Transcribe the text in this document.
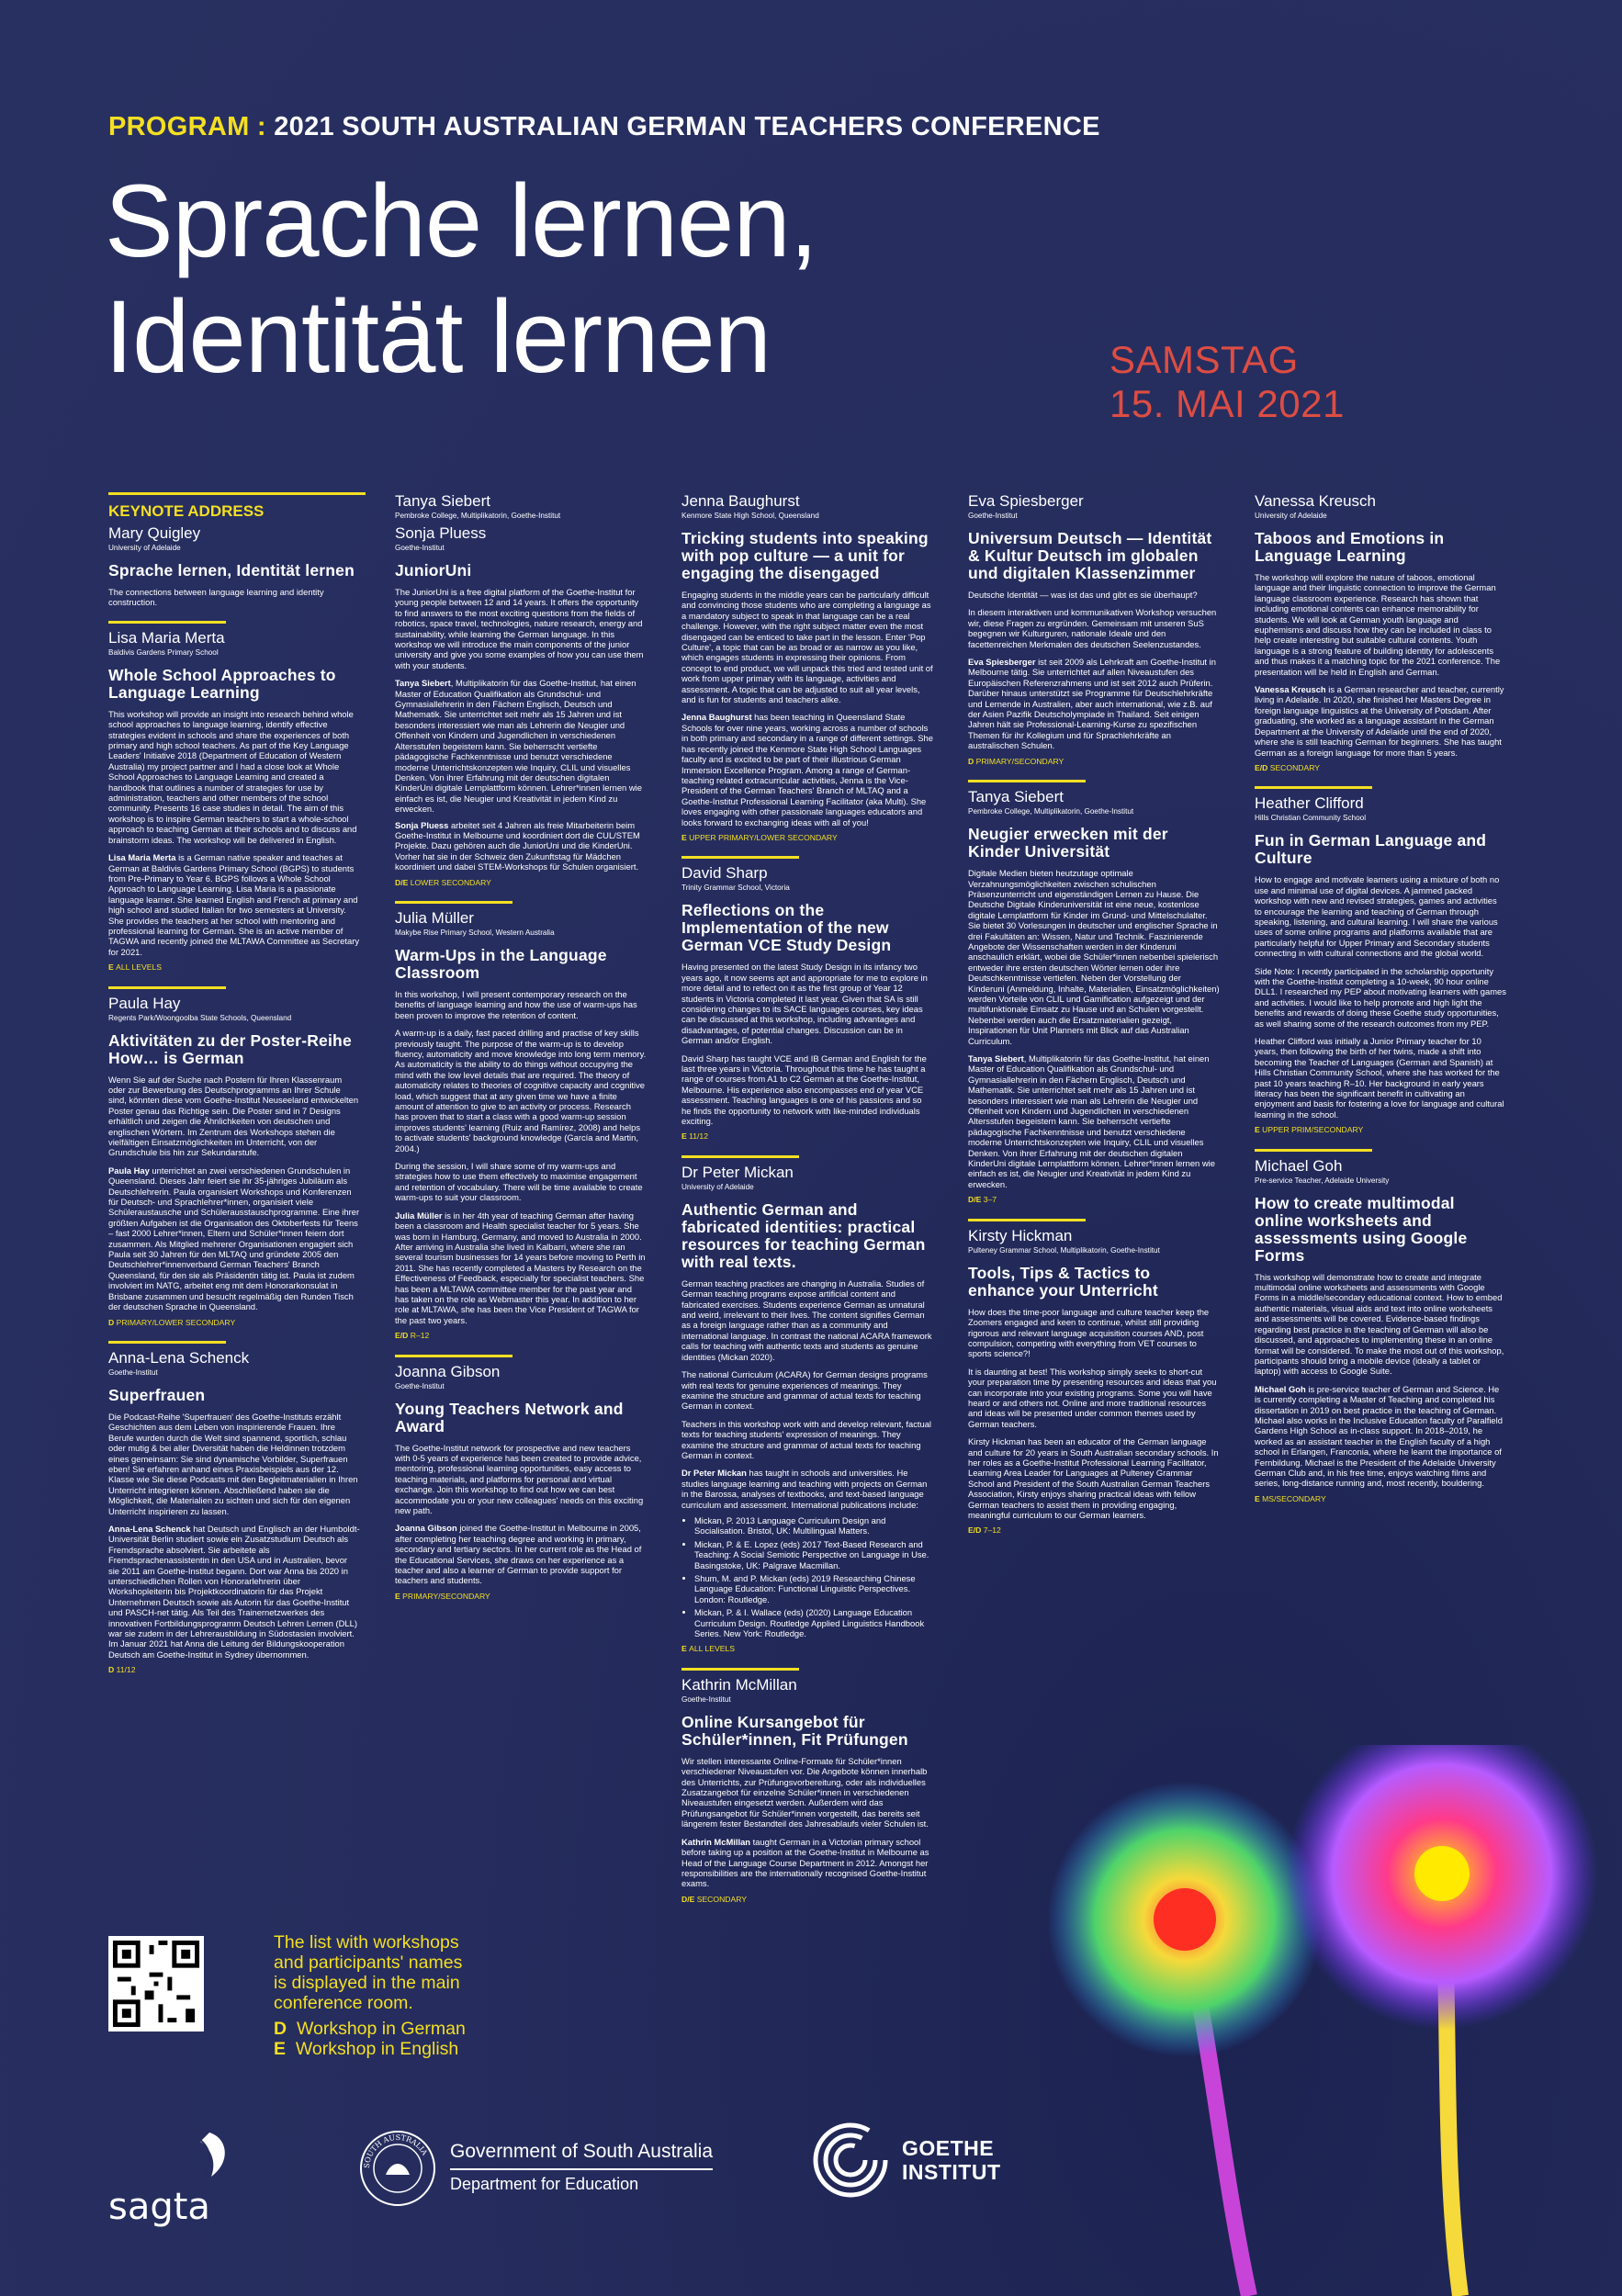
PROGRAM : 2021 SOUTH AUSTRALIAN GERMAN TEACHERS CONFERENCE
Sprache lernen,
Identität lernen	SAMSTAG
15. MAI 2021
KEYNOTE ADDRESS
Mary Quigley
University of Adelaide
Sprache lernen, Identität lernen
The connections between language learning and identity construction.
Lisa Maria Merta
Baldivis Gardens Primary School
Whole School Approaches to Language Learning
This workshop will provide an insight into research behind whole school approaches to language learning, identify effective strategies evident in schools and share the experiences of both primary and high school teachers. As part of the Key Language Leaders' Initiative 2018 (Department of Education of Western Australia) my project partner and I had a close look at Whole School Approaches to Language Learning and created a handbook that outlines a number of strategies for use by administration, teachers and other members of the school community. Presents 16 case studies in detail. The aim of this workshop is to inspire German teachers to start a whole-school approach to teaching German at their schools and to discuss and brainstorm ideas. The workshop will be delivered in English.
Lisa Maria Merta is a German native speaker and teaches at German at Baldivis Gardens Primary School (BGPS) to students from Pre-Primary to Year 6. BGPS follows a Whole School Approach to Language Learning. Lisa Maria is a passionate language learner. She learned English and French at primary and high school and studied Italian for two semesters at University. She provides the teachers at her school with mentoring and professional learning for German. She is an active member of TAGWA and recently joined the MLTAWA Committee as Secretary for 2021.
E ALL LEVELS
Paula Hay
Regents Park/Woongoolba State Schools, Queensland
Aktivitäten zu der Poster-Reihe How… is German
Wenn Sie auf der Suche nach Postern für Ihren Klassenraum oder zur Bewerbung des Deutschprogramms an Ihrer Schule sind, könnten diese vom Goethe-Institut Neuseeland entwickelten Poster genau das Richtige sein. Die Poster sind in 7 Designs erhältlich und zeigen die Ähnlichkeiten von deutschen und englischen Wörtern. Im Zentrum des Workshops stehen die vielfältigen Einsatzmöglichkeiten im Unterricht, von der Grundschule bis hin zur Sekundarstufe.
Paula Hay unterrichtet an zwei verschiedenen Grundschulen in Queensland. Dieses Jahr feiert sie ihr 35-jähriges Jubiläum als Deutschlehrerin. Paula organisiert Workshops und Konferenzen für Deutsch- und Sprachlehrer*innen, organisiert viele Schüleraustausche und Schülerausstauschprogramme. Eine ihrer größten Aufgaben ist die Organisation des Oktoberfests für Teens – fast 2000 Lehrer*innen, Eltern und Schüler*innen feiern dort zusammen. Als Mitglied mehrerer Organisationen engagiert sich Paula seit 30 Jahren für den MLTAQ und gründete 2005 den Deutschlehrer*innenverband German Teachers' Branch Queensland, für den sie als Präsidentin tätig ist. Paula ist zudem involviert im NATG, arbeitet eng mit dem Honorarkonsulat in Brisbane zusammen und besucht regelmäßig den Runden Tisch der deutschen Sprache in Queensland.
D PRIMARY/LOWER SECONDARY
Anna-Lena Schenck
Goethe-Institut
Superfrauen
Die Podcast-Reihe 'Superfrauen' des Goethe-Instituts erzählt Geschichten aus dem Leben von inspirierende Frauen. Ihre Berufe wurden durch die Welt sind spannend, sportlich, schlau oder mutig & bei aller Diversität haben die Heldinnen trotzdem eines gemeinsam: Sie sind dynamische Vorbilder, Superfrauen eben! Sie erfahren anhand eines Praxisbeispiels aus der 12. Klasse wie Sie diese Podcasts mit den Begleitmaterialien in Ihren Unterricht integrieren können. Abschließend haben sie die Möglichkeit, die Materialien zu sichten und sich für den eigenen Unterricht inspirieren zu lassen.
Anna-Lena Schenck hat Deutsch und Englisch an der Humboldt-Universität Berlin studiert sowie ein Zusatzstudium Deutsch als Fremdsprache absolviert. Sie arbeitete als Fremdsprachenassistentin in den USA und in Australien, bevor sie 2011 am Goethe-Institut begann. Dort war Anna bis 2020 in unterschiedlichen Rollen von Honorarlehrerin über Workshopleiterin bis Projektkoordinatorin für das Projekt Unternehmen Deutsch sowie als Autorin für das Goethe-Institut und PASCH-net tätig. Als Teil des Trainernetzwerkes des innovativen Fortbildungsprogramm Deutsch Lehren Lernen (DLL) war sie zudem in der Lehrerausbildung in Südostasien involviert. Im Januar 2021 hat Anna die Leitung der Bildungskooperation Deutsch am Goethe-Institut in Sydney übernommen.
D 11/12
Tanya Siebert
Pembroke College, Multiplikatorin, Goethe-Institut
Sonja Pluess
Goethe-Institut
JuniorUni
The JuniorUni is a free digital platform of the Goethe-Institut for young people between 12 and 14 years. It offers the opportunity to find answers to the most exciting questions from the fields of robotics, space travel, technologies, nature research, energy and sustainability, while learning the German language. In this workshop we will introduce the main components of the junior university and give you some examples of how you can use them with your students.
Tanya Siebert, Multiplikatorin für das Goethe-Institut, hat einen Master of Education Qualifikation als Grundschul- und Gymnasiallehrerin in den Fächern Englisch, Deutsch und Mathematik. Sie unterrichtet seit mehr als 15 Jahren und ist besonders interessiert wie man als Lehrerin die Neugier und Offenheit von Kindern und Jugendlichen in verschiedenen Altersstufen begeistern kann. Sie beherrscht vertiefte pädagogische Fachkenntnisse und benutzt verschiedene moderne Unterrichtskonzepten wie Inquiry, CLIL und visuelles Denken. Von ihrer Erfahrung mit der deutschen digitalen KinderUni digitale Lernplattform können. Lehrer*innen lernen wie einfach es ist, die Neugier und Kreativität in jedem Kind zu erwecken.
Sonja Pluess arbeitet seit 4 Jahren als freie Mitarbeiterin beim Goethe-Institut in Melbourne und koordiniert dort die CUL/STEM Projekte. Dazu gehören auch die JuniorUni und die KinderUni. Vorher hat sie in der Schweiz den Zukunftstag für Mädchen koordiniert und dabei STEM-Workshops für Schulen organisiert.
D/E LOWER SECONDARY
Julia Müller
Makybe Rise Primary School, Western Australia
Warm-Ups in the Language Classroom
In this workshop, I will present contemporary research on the benefits of language learning and how the use of warm-ups has been proven to improve the retention of content.
A warm-up is a daily, fast paced drilling and practise of key skills previously taught. The purpose of the warm-up is to develop fluency, automaticity and move knowledge into long term memory. As automaticity is the ability to do things without occupying the mind with the low level details that are required. The theory of automaticity relates to theories of cognitive capacity and cognitive load, which suggest that at any given time we have a finite amount of attention to give to an activity or process. Research has proven that to start a class with a good warm-up session improves students' learning (Ruiz and Ramírez, 2008) and helps to activate students' background knowledge (García and Martin, 2004.)
During the session, I will share some of my warm-ups and strategies how to use them effectively to maximise engagement and retention of vocabulary. There will be time available to create warm-ups to suit your classroom.
Julia Müller is in her 4th year of teaching German after having been a classroom and Health specialist teacher for 5 years. She was born in Hamburg, Germany, and moved to Australia in 2000. After arriving in Australia she lived in Kalbarri, where she ran several tourism businesses for 14 years before moving to Perth in 2011. She has recently completed a Masters by Research on the Effectiveness of Feedback, especially for specialist teachers. She has been a MLTAWA committee member for the past year and has taken on the role as Webmaster this year. In addition to her role at MLTAWA, she has been the Vice President of TAGWA for the past two years.
E/D R–12
Joanna Gibson
Goethe-Institut
Young Teachers Network and Award
The Goethe-Institut network for prospective and new teachers with 0-5 years of experience has been created to provide advice, mentoring, professional learning opportunities, easy access to teaching materials, and platforms for personal and virtual exchange. Join this workshop to find out how we can best accommodate you or your new colleagues' needs on this exciting new path.
Joanna Gibson joined the Goethe-Institut in Melbourne in 2005, after completing her teaching degree and working in primary, secondary and tertiary sectors. In her current role as the Head of the Educational Services, she draws on her experience as a teacher and also a learner of German to provide support for teachers and students.
E PRIMARY/SECONDARY
Jenna Baughurst
Kenmore State High School, Queensland
Tricking students into speaking with pop culture — a unit for engaging the disengaged
Engaging students in the middle years can be particularly difficult and convincing those students who are completing a language as a mandatory subject to speak in that language can be a real challenge. However, with the right subject matter even the most disengaged can be enticed to take part in the lesson. Enter 'Pop Culture', a topic that can be as broad or as narrow as you like, which engages students in expressing their opinions. From concept to end product, we will unpack this tried and tested unit of work from upper primary with its language, activities and assessment. A topic that can be adjusted to suit all year levels, and is fun for students and teachers alike.
Jenna Baughurst has been teaching in Queensland State Schools for over nine years, working across a number of schools in both primary and secondary in a range of different settings. She has recently joined the Kenmore State High School Languages faculty and is excited to be part of their illustrious German Immersion Excellence Program. Among a range of German-teaching related extracurricular activities, Jenna is the Vice-President of the German Teachers' Branch of MLTAQ and a Goethe-Institut Professional Learning Facilitator (aka Multi). She loves engaging with other passionate languages educators and looks forward to exchanging ideas with all of you!
E UPPER PRIMARY/LOWER SECONDARY
David Sharp
Trinity Grammar School, Victoria
Reflections on the Implementation of the new German VCE Study Design
Having presented on the latest Study Design in its infancy two years ago, it now seems apt and appropriate for me to explore in more detail and to reflect on it as the first group of Year 12 students in Victoria completed it last year. Given that SA is still considering changes to its SACE languages courses, key ideas can be discussed at this workshop, including advantages and disadvantages, of potential changes. Discussion can be in German and/or English.
David Sharp has taught VCE and IB German and English for the last three years in Victoria. Throughout this time he has taught a range of courses from A1 to C2 German at the Goethe-Institut, Melbourne. His experience also encompasses end of year VCE assessment. Teaching languages is one of his passions and so he finds the opportunity to network with like-minded individuals exciting.
E 11/12
Dr Peter Mickan
University of Adelaide
Authentic German and fabricated identities: practical resources for teaching German with real texts.
German teaching practices are changing in Australia. Studies of German teaching programs expose artificial content and fabricated exercises. Students experience German as unnatural and weird, irrelevant to their lives. The content signifies German as a foreign language rather than as a community and international language. In contrast the national ACARA framework calls for teaching with authentic texts and students as genuine identities (Mickan 2020).
The national Curriculum (ACARA) for German designs programs with real texts for genuine experiences of meanings. They examine the structure and grammar of actual texts for teaching German in context.
Teachers in this workshop work with and develop relevant, factual texts for teaching students' expression of meanings. They examine the structure and grammar of actual texts for teaching German in context.
Dr Peter Mickan has taught in schools and universities. He studies language learning and teaching with projects on German in the Barossa, analyses of textbooks, and text-based language curriculum and assessment. International publications include:
• Mickan, P. 2013 Language Curriculum Design and Socialisation. Bristol, UK: Multilingual Matters.
• Mickan, P. & E. Lopez (eds) 2017 Text-Based Research and Teaching: A Social Semiotic Perspective on Language in Use. Basingstoke, UK: Palgrave Macmillan.
• Shum, M. and P. Mickan (eds) 2019 Researching Chinese Language Education: Functional Linguistic Perspectives. London: Routledge.
• Mickan, P. & I. Wallace (eds) (2020) Language Education Curriculum Design. Routledge Applied Linguistics Handbook Series. New York: Routledge.
E ALL LEVELS
Kathrin McMillan
Goethe-Institut
Online Kursangebot für Schüler*innen, Fit Prüfungen
Wir stellen interessante Online-Formate für Schüler*innen verschiedener Niveaustufen vor. Die Angebote können innerhalb des Unterrichts, zur Prüfungsvorbereitung, oder als individuelles Zusatzangebot für einzelne Schüler*innen in verschiedenen Niveaustufen eingesetzt werden. Außerdem wird das Prüfungsangebot für Schüler*innen vorgestellt, das bereits seit längerem fester Bestandteil des Jahresablaufs vieler Schulen ist.
Kathrin McMillan taught German in a Victorian primary school before taking up a position at the Goethe-Institut in Melbourne as Head of the Language Course Department in 2012. Amongst her responsibilities are the internationally recognised Goethe-Institut exams.
D/E SECONDARY
Eva Spiesberger
Goethe-Institut
Universum Deutsch — Identität & Kultur Deutsch im globalen und digitalen Klassenzimmer
Deutsche Identität — was ist das und gibt es sie überhaupt?
In diesem interaktiven und kommunikativen Workshop versuchen wir, diese Fragen zu ergründen. Gemeinsam mit unseren SuS begegnen wir Kulturguren, nationale Ideale und den facettenreichen Merkmalen des deutschen Seelenzustandes.
Eva Spiesberger ist seit 2009 als Lehrkraft am Goethe-Institut in Melbourne tätig. Sie unterrichtet auf allen Niveaustufen des Europäischen Referenzrahmens und ist seit 2012 auch Prüferin. Darüber hinaus unterstützt sie Programme für Deutschlehrkräfte und Lernende in Australien, aber auch international, wie z.B. auf der Asien Pazifik Deutscholympiade in Thailand. Seit einigen Jahren hält sie Professional-Learning-Kurse zu spezifischen Themen für ihr Kollegium und für Sprachlehrkräfte an australischen Schulen.
D PRIMARY/SECONDARY
Tanya Siebert
Pembroke College, Multiplikatorin, Goethe-Institut
Neugier erwecken mit der Kinder Universität
Digitale Medien bieten heutzutage optimale Verzahnungsmöglichkeiten zwischen schulischen Präsenzunterricht und eigenständigen Lernen zu Hause. Die Deutsche Digitale Kinderuniversität ist eine neue, kostenlose digitale Lernplattform für Kinder im Grund- und Mittelschulalter. Sie bietet 30 Vorlesungen in deutscher und englischer Sprache in drei Fakultäten an: Wissen, Natur und Technik. Faszinierende Angebote der Wissenschaften werden in der Kinderuni anschaulich erklärt, wobei die Schüler*innen nebenbei spielerisch entweder ihre ersten deutschen Wörter lernen oder ihre Deutschkenntnisse vertiefen. Neben der Vorstellung der Kinderuni (Anmeldung, Inhalte, Materialien, Einsatzmöglichkeiten) werden Vorteile von CLIL und Gamification aufgezeigt und der multifunktionale Einsatz zu Hause und an Schulen vorgestellt. Nebenbei werden auch die Ersatzmaterialien gezeigt, Inspirationen für Unit Planners mit Blick auf das Australian Curriculum.
Tanya Siebert, Multiplikatorin für das Goethe-Institut, hat einen Master of Education Qualifikation als Grundschul- und Gymnasiallehrerin in den Fächern Englisch, Deutsch und Mathematik. Sie unterrichtet seit mehr als 15 Jahren und ist besonders interessiert wie man als Lehrerin die Neugier und Offenheit von Kindern und Jugendlichen in verschiedenen Altersstufen begeistern kann. Sie beherrscht vertiefte pädagogische Fachkenntnisse und benutzt verschiedene moderne Unterrichtskonzepten wie Inquiry, CLIL und visuelles Denken. Von ihrer Erfahrung mit der deutschen digitalen KinderUni digitale Lernplattform können. Lehrer*innen lernen wie einfach es ist, die Neugier und Kreativität in jedem Kind zu erwecken.
D/E 3–7
Kirsty Hickman
Pulteney Grammar School, Multiplikatorin, Goethe-Institut
Tools, Tips & Tactics to enhance your Unterricht
How does the time-poor language and culture teacher keep the Zoomers engaged and keen to continue, whilst still providing rigorous and relevant language acquisition courses AND, post compulsion, competing with everything from VET courses to sports science?!
It is daunting at best! This workshop simply seeks to short-cut your preparation time by presenting resources and ideas that you can incorporate into your existing programs. Some you will have heard or and others not. Online and more traditional resources and ideas will be presented under common themes used by German teachers.
Kirsty Hickman has been an educator of the German language and culture for 20 years in South Australian secondary schools. In her roles as a Goethe-Institut Professional Learning Facilitator, Learning Area Leader for Languages at Pulteney Grammar School and President of the South Australian German Teachers Association, Kirsty enjoys sharing practical ideas with fellow German teachers to assist them in providing engaging, meaningful curriculum to our German learners.
E/D 7–12
Vanessa Kreusch
University of Adelaide
Taboos and Emotions in Language Learning
The workshop will explore the nature of taboos, emotional language and their linguistic connection to improve the German language classroom experience. Research has shown that including emotional contents can enhance memorability for students. We will look at German youth language and euphemisms and discuss how they can be included in class to help create interesting but suitable cultural contents. Youth language is a strong feature of building identity for adolescents and thus makes it a matching topic for the 2021 conference. The presentation will be held in English and German.
Vanessa Kreusch is a German researcher and teacher, currently living in Adelaide. In 2020, she finished her Masters Degree in foreign language linguistics at the University of Potsdam. After graduating, she worked as a language assistant in the German Department at the University of Adelaide until the end of 2020, where she is still teaching German for beginners. She has taught German as a foreign language for more than 5 years.
E/D SECONDARY
Heather Clifford
Hills Christian Community School
Fun in German Language and Culture
How to engage and motivate learners using a mixture of both no use and minimal use of digital devices. A jammed packed workshop with new and revised strategies, games and activities to encourage the learning and teaching of German through speaking, listening, and cultural learning. I will share the various uses of some online programs and platforms available that are particularly helpful for Upper Primary and Secondary students connecting in with cultural connections and the global world.
Side Note: I recently participated in the scholarship opportunity with the Goethe-Institut completing a 10-week, 90 hour online DLL1. I researched my PEP about motivating learners with games and activities. I would like to help promote and high light the benefits and rewards of doing these Goethe study opportunities, as well sharing some of the research outcomes from my PEP.
Heather Clifford was initially a Junior Primary teacher for 10 years, then following the birth of her twins, made a shift into becoming the Teacher of Languages (German and Spanish) at Hills Christian Community School, where she has worked for the past 10 years teaching R–10. Her background in early years literacy has been the significant benefit in cultivating an enjoyment and basis for fostering a love for language and cultural learning in the school.
E UPPER PRIM/SECONDARY
Michael Goh
Pre-service Teacher, Adelaide University
How to create multimodal online worksheets and assessments using Google Forms
This workshop will demonstrate how to create and integrate multimodal online worksheets and assessments with Google Forms in a middle/secondary educational context. How to embed authentic materials, visual aids and text into online worksheets and assessments will be covered. Evidence-based findings regarding best practice in the teaching of German will also be discussed, and approaches to implementing these in an online format will be considered. To make the most out of this workshop, participants should bring a mobile device (ideally a tablet or laptop) with access to Google Suite.
Michael Goh is pre-service teacher of German and Science. He is currently completing a Master of Teaching and completed his dissertation in 2019 on best practice in the teaching of German. Michael also works in the Inclusive Education faculty of Paralfield Gardens High School as in-class support. In 2018–2019, he worked as an assistant teacher in the English faculty of a high school in Erlangen, Franconia, where he learnt the importance of Fernbildung. Michael is the President of the Adelaide University German Club and, in his free time, enjoys watching films and series, long-distance running and, most recently, bouldering.
E MS/SECONDARY
The list with workshops
and participants' names
is displayed in the main
conference room.
D Workshop in German
E Workshop in English
sagta
SOUTH AUSTRALIA Government of South Australia
Department for Education
GOETHE
INSTITUT
